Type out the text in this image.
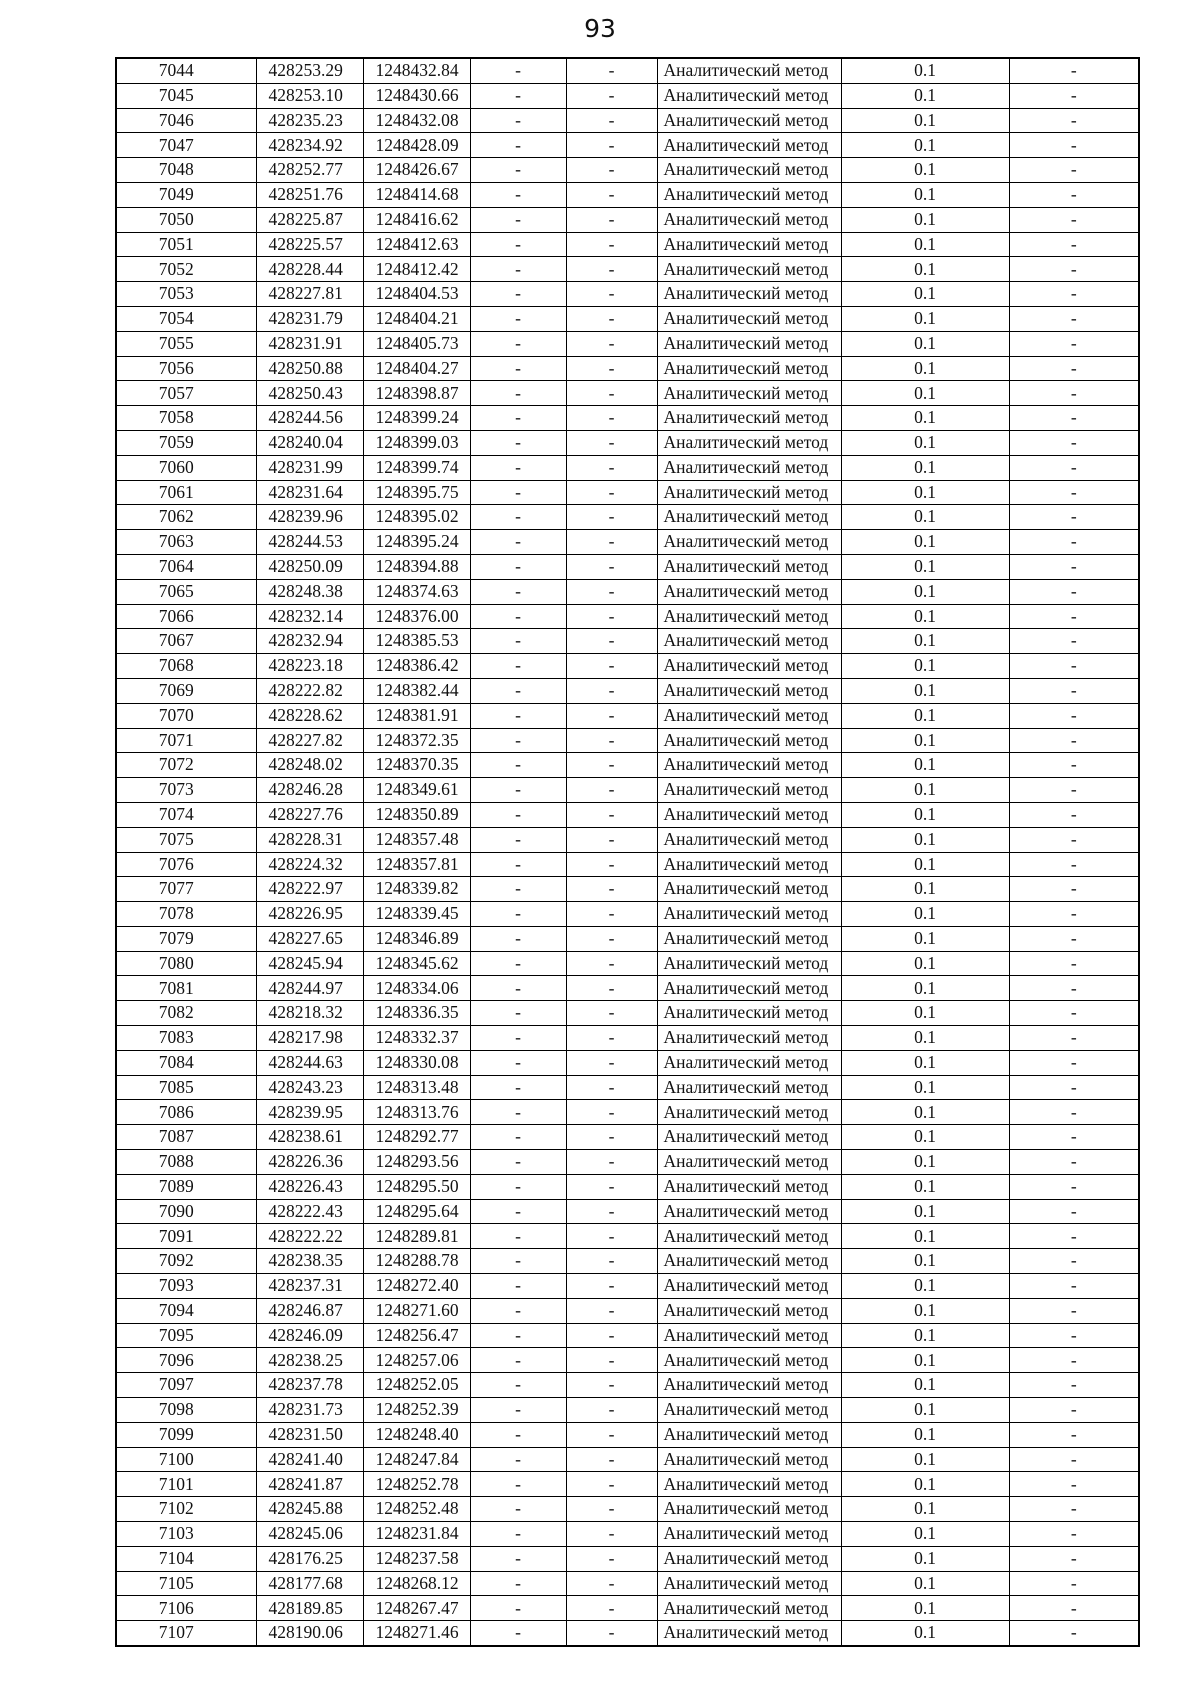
93
7044	428253.29	1248432.84	-	-	Аналитический метод	0.1	-
7045	428253.10	1248430.66	-	-	Аналитический метод	0.1	-
7046	428235.23	1248432.08	-	-	Аналитический метод	0.1	-
7047	428234.92	1248428.09	-	-	Аналитический метод	0.1	-
7048	428252.77	1248426.67	-	-	Аналитический метод	0.1	-
7049	428251.76	1248414.68	-	-	Аналитический метод	0.1	-
7050	428225.87	1248416.62	-	-	Аналитический метод	0.1	-
7051	428225.57	1248412.63	-	-	Аналитический метод	0.1	-
7052	428228.44	1248412.42	-	-	Аналитический метод	0.1	-
7053	428227.81	1248404.53	-	-	Аналитический метод	0.1	-
7054	428231.79	1248404.21	-	-	Аналитический метод	0.1	-
7055	428231.91	1248405.73	-	-	Аналитический метод	0.1	-
7056	428250.88	1248404.27	-	-	Аналитический метод	0.1	-
7057	428250.43	1248398.87	-	-	Аналитический метод	0.1	-
7058	428244.56	1248399.24	-	-	Аналитический метод	0.1	-
7059	428240.04	1248399.03	-	-	Аналитический метод	0.1	-
7060	428231.99	1248399.74	-	-	Аналитический метод	0.1	-
7061	428231.64	1248395.75	-	-	Аналитический метод	0.1	-
7062	428239.96	1248395.02	-	-	Аналитический метод	0.1	-
7063	428244.53	1248395.24	-	-	Аналитический метод	0.1	-
7064	428250.09	1248394.88	-	-	Аналитический метод	0.1	-
7065	428248.38	1248374.63	-	-	Аналитический метод	0.1	-
7066	428232.14	1248376.00	-	-	Аналитический метод	0.1	-
7067	428232.94	1248385.53	-	-	Аналитический метод	0.1	-
7068	428223.18	1248386.42	-	-	Аналитический метод	0.1	-
7069	428222.82	1248382.44	-	-	Аналитический метод	0.1	-
7070	428228.62	1248381.91	-	-	Аналитический метод	0.1	-
7071	428227.82	1248372.35	-	-	Аналитический метод	0.1	-
7072	428248.02	1248370.35	-	-	Аналитический метод	0.1	-
7073	428246.28	1248349.61	-	-	Аналитический метод	0.1	-
7074	428227.76	1248350.89	-	-	Аналитический метод	0.1	-
7075	428228.31	1248357.48	-	-	Аналитический метод	0.1	-
7076	428224.32	1248357.81	-	-	Аналитический метод	0.1	-
7077	428222.97	1248339.82	-	-	Аналитический метод	0.1	-
7078	428226.95	1248339.45	-	-	Аналитический метод	0.1	-
7079	428227.65	1248346.89	-	-	Аналитический метод	0.1	-
7080	428245.94	1248345.62	-	-	Аналитический метод	0.1	-
7081	428244.97	1248334.06	-	-	Аналитический метод	0.1	-
7082	428218.32	1248336.35	-	-	Аналитический метод	0.1	-
7083	428217.98	1248332.37	-	-	Аналитический метод	0.1	-
7084	428244.63	1248330.08	-	-	Аналитический метод	0.1	-
7085	428243.23	1248313.48	-	-	Аналитический метод	0.1	-
7086	428239.95	1248313.76	-	-	Аналитический метод	0.1	-
7087	428238.61	1248292.77	-	-	Аналитический метод	0.1	-
7088	428226.36	1248293.56	-	-	Аналитический метод	0.1	-
7089	428226.43	1248295.50	-	-	Аналитический метод	0.1	-
7090	428222.43	1248295.64	-	-	Аналитический метод	0.1	-
7091	428222.22	1248289.81	-	-	Аналитический метод	0.1	-
7092	428238.35	1248288.78	-	-	Аналитический метод	0.1	-
7093	428237.31	1248272.40	-	-	Аналитический метод	0.1	-
7094	428246.87	1248271.60	-	-	Аналитический метод	0.1	-
7095	428246.09	1248256.47	-	-	Аналитический метод	0.1	-
7096	428238.25	1248257.06	-	-	Аналитический метод	0.1	-
7097	428237.78	1248252.05	-	-	Аналитический метод	0.1	-
7098	428231.73	1248252.39	-	-	Аналитический метод	0.1	-
7099	428231.50	1248248.40	-	-	Аналитический метод	0.1	-
7100	428241.40	1248247.84	-	-	Аналитический метод	0.1	-
7101	428241.87	1248252.78	-	-	Аналитический метод	0.1	-
7102	428245.88	1248252.48	-	-	Аналитический метод	0.1	-
7103	428245.06	1248231.84	-	-	Аналитический метод	0.1	-
7104	428176.25	1248237.58	-	-	Аналитический метод	0.1	-
7105	428177.68	1248268.12	-	-	Аналитический метод	0.1	-
7106	428189.85	1248267.47	-	-	Аналитический метод	0.1	-
7107	428190.06	1248271.46	-	-	Аналитический метод	0.1	-
